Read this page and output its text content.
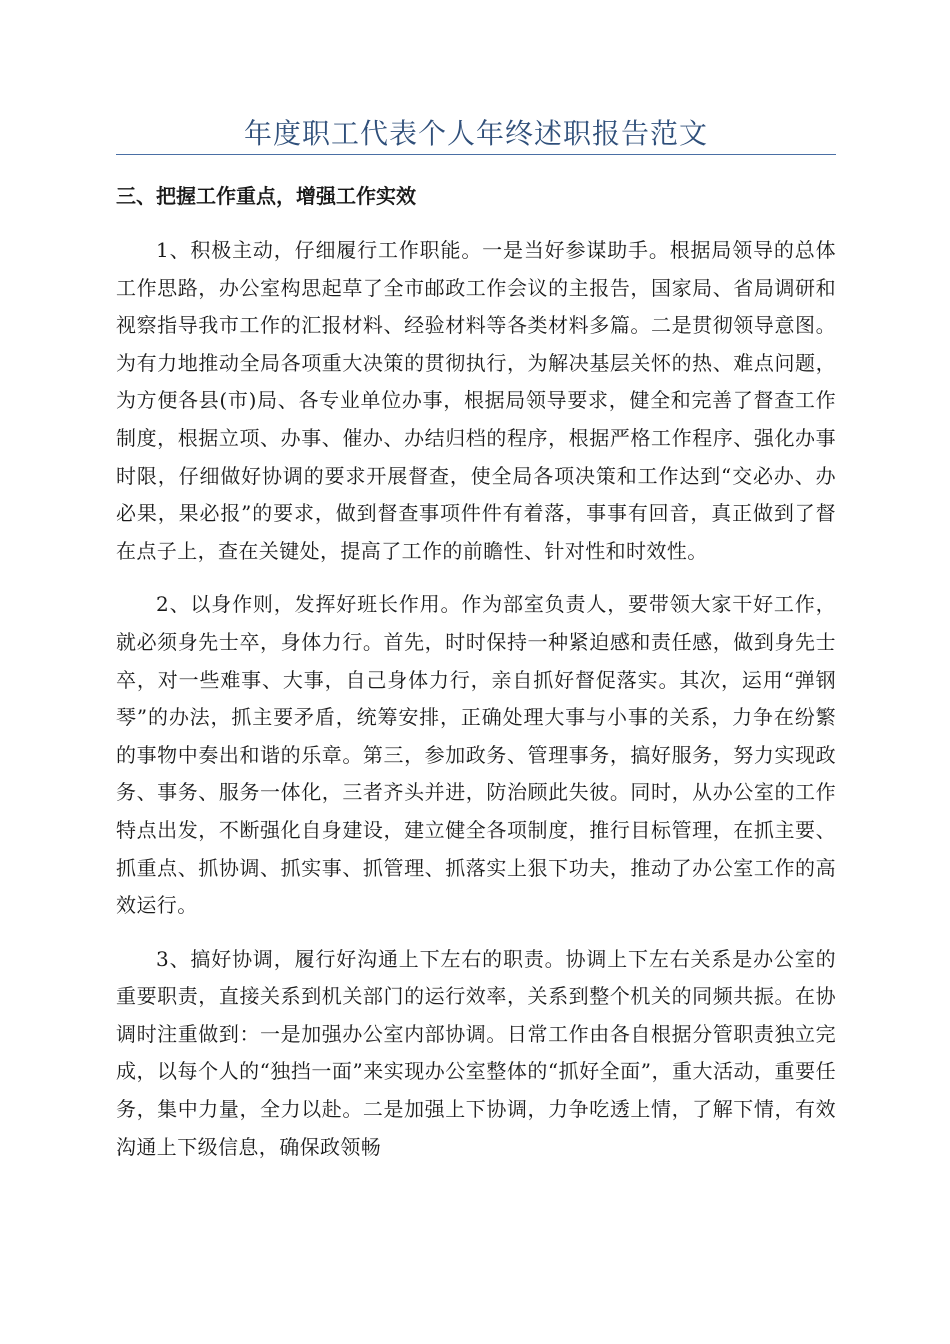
年度职工代表个人年终述职报告范文
三、把握工作重点，增强工作实效

1、积极主动，仔细履行工作职能。一是当好参谋助手。根据局领导的总体工作思路，办公室构思起草了全市邮政工作会议的主报告，国家局、省局调研和视察指导我市工作的汇报材料、经验材料等各类材料多篇。二是贯彻领导意图。为有力地推动全局各项重大决策的贯彻执行，为解决基层关怀的热、难点问题，为方便各县(市)局、各专业单位办事，根据局领导要求，健全和完善了督查工作制度，根据立项、办事、催办、办结归档的程序，根据严格工作程序、强化办事时限，仔细做好协调的要求开展督查，使全局各项决策和工作达到“交必办、办必果，果必报”的要求，做到督查事项件件有着落，事事有回音，真正做到了督在点子上，查在关键处，提高了工作的前瞻性、针对性和时效性。

2、以身作则，发挥好班长作用。作为部室负责人，要带领大家干好工作，就必须身先士卒，身体力行。首先，时时保持一种紧迫感和责任感，做到身先士卒，对一些难事、大事，自己身体力行，亲自抓好督促落实。其次，运用“弹钢琴”的办法，抓主要矛盾，统筹安排，正确处理大事与小事的关系，力争在纷繁的事物中奏出和谐的乐章。第三，参加政务、管理事务，搞好服务，努力实现政务、事务、服务一体化，三者齐头并进，防治顾此失彼。同时，从办公室的工作特点出发，不断强化自身建设，建立健全各项制度，推行目标管理，在抓主要、抓重点、抓协调、抓实事、抓管理、抓落实上狠下功夫，推动了办公室工作的高效运行。

3、搞好协调，履行好沟通上下左右的职责。协调上下左右关系是办公室的重要职责，直接关系到机关部门的运行效率，关系到整个机关的同频共振。在协调时注重做到：一是加强办公室内部协调。日常工作由各自根据分管职责独立完成，以每个人的“独挡一面”来实现办公室整体的“抓好全面”，重大活动，重要任务，集中力量，全力以赴。二是加强上下协调，力争吃透上情，了解下情，有效沟通上下级信息，确保政领畅
